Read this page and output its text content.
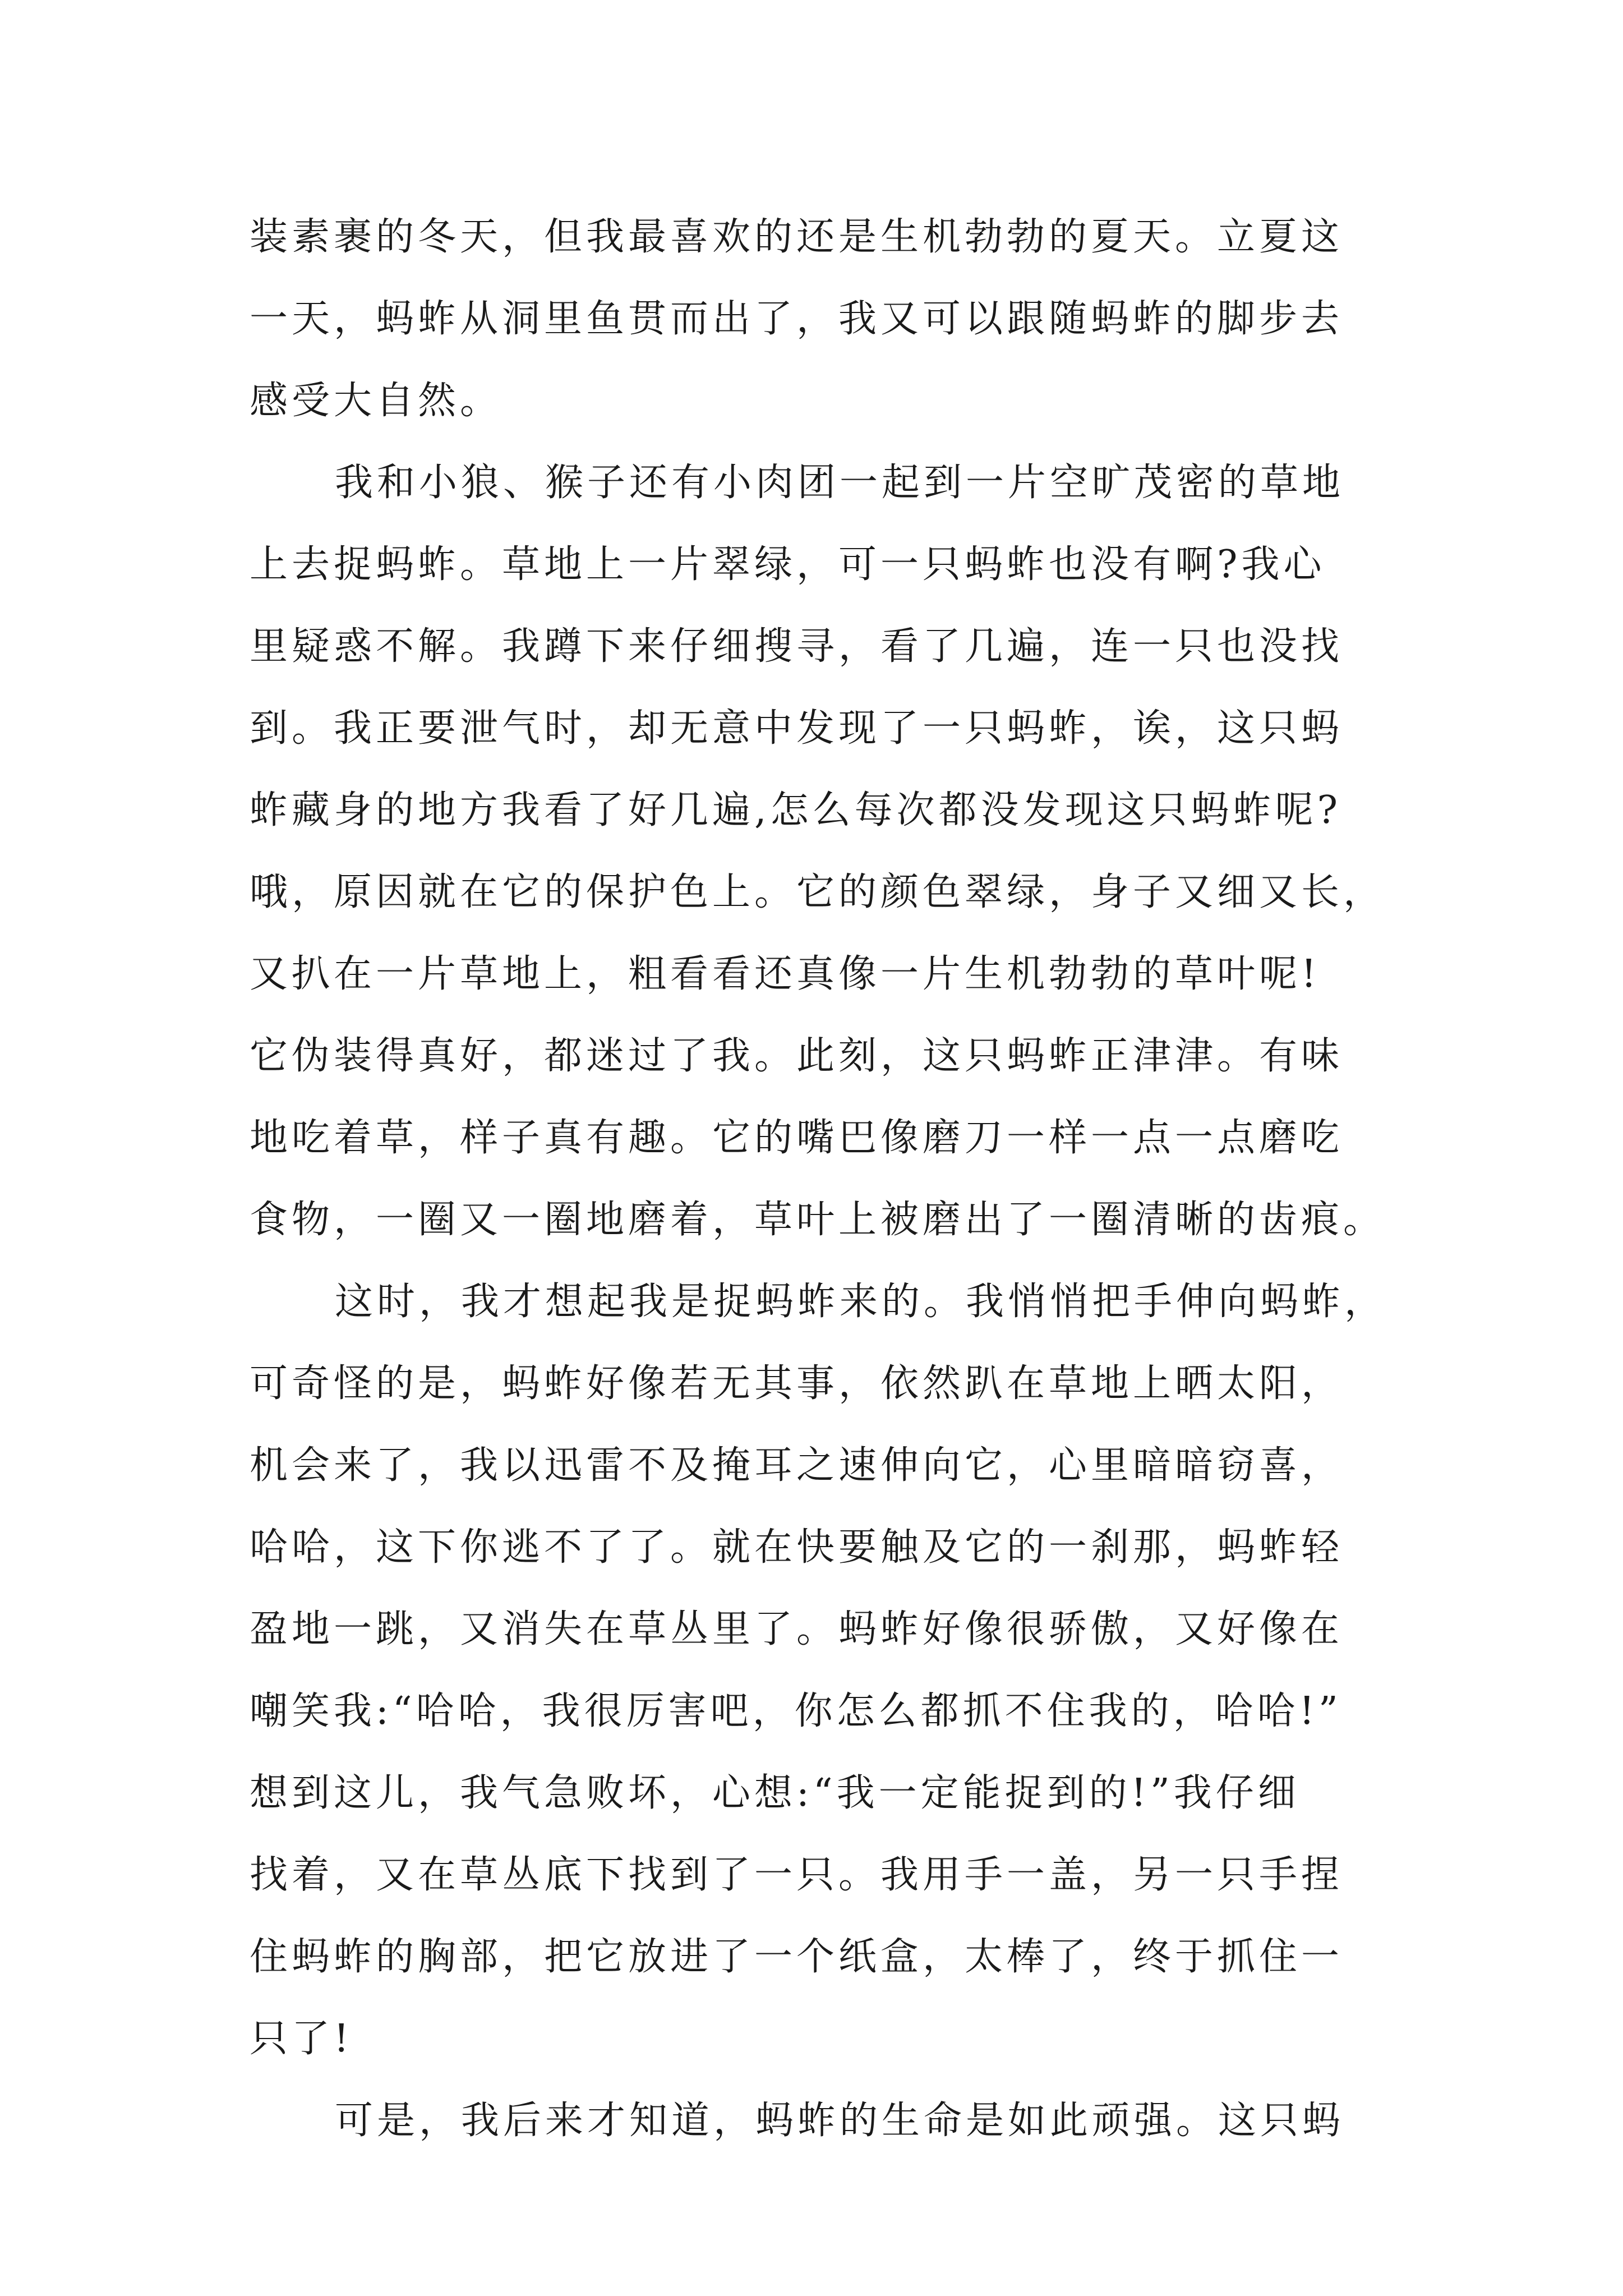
装素裹的冬天，但我最喜欢的还是生机勃勃的夏天。立夏这
一天，蚂蚱从洞里鱼贯而出了，我又可以跟随蚂蚱的脚步去
感受大自然。
我和小狼、猴子还有小肉团一起到一片空旷茂密的草地
上去捉蚂蚱。草地上一片翠绿，可一只蚂蚱也没有啊?我心
里疑惑不解。我蹲下来仔细搜寻，看了几遍，连一只也没找
到。我正要泄气时，却无意中发现了一只蚂蚱，诶，这只蚂
蚱藏身的地方我看了好几遍,怎么每次都没发现这只蚂蚱呢?
哦，原因就在它的保护色上。它的颜色翠绿，身子又细又长，
又扒在一片草地上，粗看看还真像一片生机勃勃的草叶呢!
它伪装得真好，都迷过了我。此刻，这只蚂蚱正津津。有味
地吃着草，样子真有趣。它的嘴巴像磨刀一样一点一点磨吃
食物，一圈又一圈地磨着，草叶上被磨出了一圈清晰的齿痕。
这时，我才想起我是捉蚂蚱来的。我悄悄把手伸向蚂蚱，
可奇怪的是，蚂蚱好像若无其事，依然趴在草地上晒太阳，
机会来了，我以迅雷不及掩耳之速伸向它，心里暗暗窃喜，
哈哈，这下你逃不了了。就在快要触及它的一刹那，蚂蚱轻
盈地一跳，又消失在草丛里了。蚂蚱好像很骄傲，又好像在
嘲笑我:“哈哈，我很厉害吧，你怎么都抓不住我的，哈哈!”
想到这儿，我气急败坏，心想:“我一定能捉到的!”我仔细
找着，又在草丛底下找到了一只。我用手一盖，另一只手捏
住蚂蚱的胸部，把它放进了一个纸盒，太棒了，终于抓住一
只了!
可是，我后来才知道，蚂蚱的生命是如此顽强。这只蚂
